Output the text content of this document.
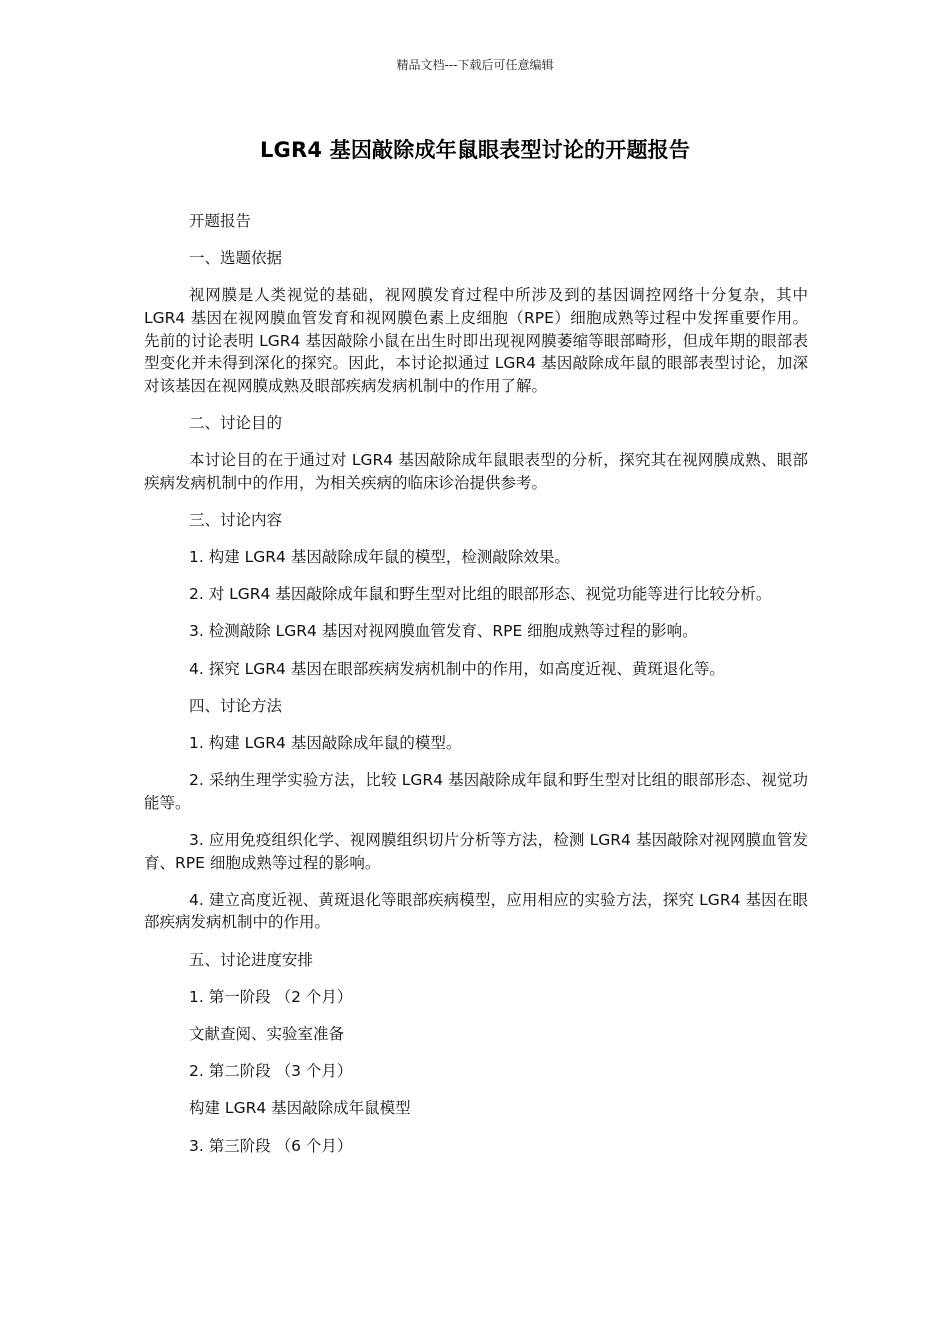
精品文档---下载后可任意编辑
LGR4 基因敲除成年鼠眼表型讨论的开题报告

开题报告

一、选题依据

视网膜是人类视觉的基础，视网膜发育过程中所涉及到的基因调控网络十分复杂，其中 LGR4 基因在视网膜血管发育和视网膜色素上皮细胞（RPE）细胞成熟等过程中发挥重要作用。先前的讨论表明 LGR4 基因敲除小鼠在出生时即出现视网膜萎缩等眼部畸形，但成年期的眼部表型变化并未得到深化的探究。因此，本讨论拟通过 LGR4 基因敲除成年鼠的眼部表型讨论，加深对该基因在视网膜成熟及眼部疾病发病机制中的作用了解。

二、讨论目的

本讨论目的在于通过对 LGR4 基因敲除成年鼠眼表型的分析，探究其在视网膜成熟、眼部疾病发病机制中的作用，为相关疾病的临床诊治提供参考。

三、讨论内容

1. 构建 LGR4 基因敲除成年鼠的模型，检测敲除效果。

2. 对 LGR4 基因敲除成年鼠和野生型对比组的眼部形态、视觉功能等进行比较分析。

3. 检测敲除 LGR4 基因对视网膜血管发育、RPE 细胞成熟等过程的影响。

4. 探究 LGR4 基因在眼部疾病发病机制中的作用，如高度近视、黄斑退化等。

四、讨论方法

1. 构建 LGR4 基因敲除成年鼠的模型。

2. 采纳生理学实验方法，比较 LGR4 基因敲除成年鼠和野生型对比组的眼部形态、视觉功能等。

3. 应用免疫组织化学、视网膜组织切片分析等方法，检测 LGR4 基因敲除对视网膜血管发育、RPE 细胞成熟等过程的影响。

4. 建立高度近视、黄斑退化等眼部疾病模型，应用相应的实验方法，探究 LGR4 基因在眼部疾病发病机制中的作用。

五、讨论进度安排

1. 第一阶段 （2 个月）

文献查阅、实验室准备

2. 第二阶段 （3 个月）

构建 LGR4 基因敲除成年鼠模型

3. 第三阶段 （6 个月）
